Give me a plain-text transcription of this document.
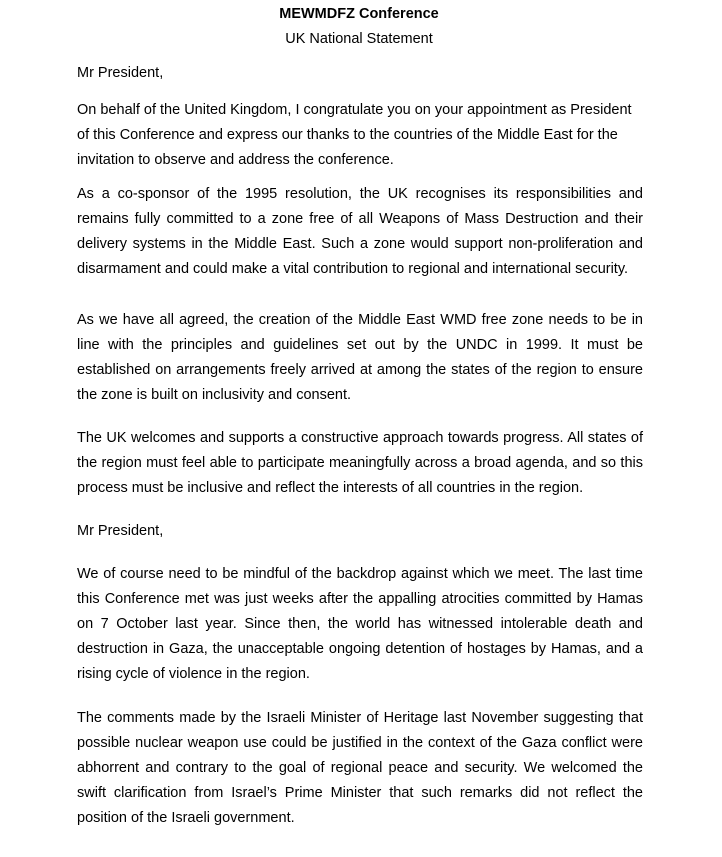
MEWMDFZ Conference

UK National Statement

Mr President,

On behalf of the United Kingdom, I congratulate you on your appointment as President of this Conference and express our thanks to the countries of the Middle East for the invitation to observe and address the conference.

As a co-sponsor of the 1995 resolution, the UK recognises its responsibilities and remains fully committed to a zone free of all Weapons of Mass Destruction and their delivery systems in the Middle East. Such a zone would support non-proliferation and disarmament and could make a vital contribution to regional and international security.

As we have all agreed, the creation of the Middle East WMD free zone needs to be in line with the principles and guidelines set out by the UNDC in 1999. It must be established on arrangements freely arrived at among the states of the region to ensure the zone is built on inclusivity and consent.

The UK welcomes and supports a constructive approach towards progress. All states of the region must feel able to participate meaningfully across a broad agenda, and so this process must be inclusive and reflect the interests of all countries in the region.

Mr President,

We of course need to be mindful of the backdrop against which we meet. The last time this Conference met was just weeks after the appalling atrocities committed by Hamas on 7 October last year. Since then, the world has witnessed intolerable death and destruction in Gaza, the unacceptable ongoing detention of hostages by Hamas, and a rising cycle of violence in the region.

The comments made by the Israeli Minister of Heritage last November suggesting that possible nuclear weapon use could be justified in the context of the Gaza conflict were abhorrent and contrary to the goal of regional peace and security. We welcomed the swift clarification from Israel’s Prime Minister that such remarks did not reflect the position of the Israeli government.
